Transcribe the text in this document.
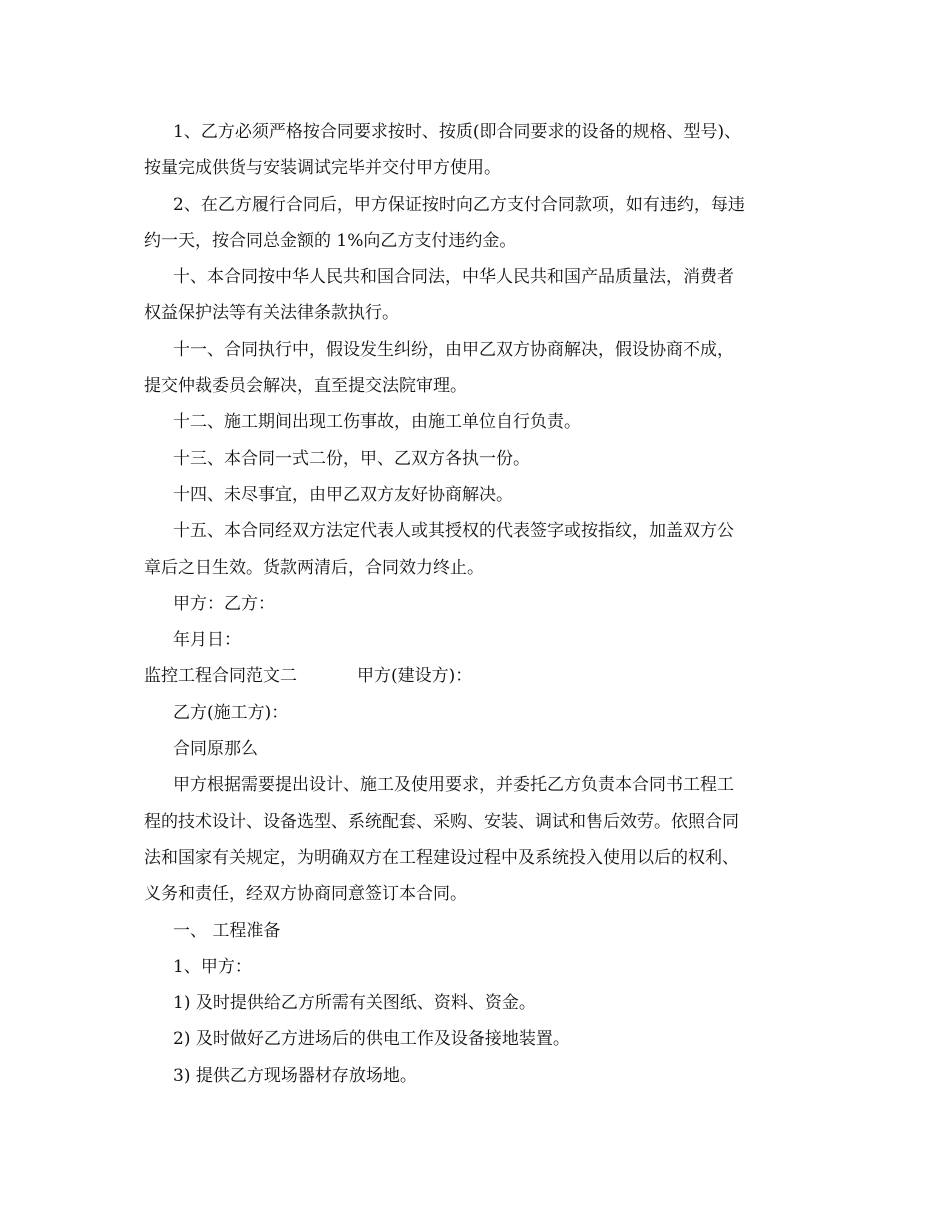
1、乙方必须严格按合同要求按时、按质(即合同要求的设备的规格、型号)、
按量完成供货与安装调试完毕并交付甲方使用。
2、在乙方履行合同后，甲方保证按时向乙方支付合同款项，如有违约，每违
约一天，按合同总金额的 1%向乙方支付违约金。
十、本合同按中华人民共和国合同法，中华人民共和国产品质量法，消费者
权益保护法等有关法律条款执行。
十一、合同执行中，假设发生纠纷，由甲乙双方协商解决，假设协商不成，
提交仲裁委员会解决，直至提交法院审理。
十二、施工期间出现工伤事故，由施工单位自行负责。
十三、本合同一式二份，甲、乙双方各执一份。
十四、未尽事宜，由甲乙双方友好协商解决。
十五、本合同经双方法定代表人或其授权的代表签字或按指纹，加盖双方公
章后之日生效。货款两清后，合同效力终止。
甲方：乙方：
年月日：
监控工程合同范文二	甲方(建设方)：
乙方(施工方)：
合同原那么
甲方根据需要提出设计、施工及使用要求，并委托乙方负责本合同书工程工
程的技术设计、设备选型、系统配套、采购、安装、调试和售后效劳。依照合同
法和国家有关规定，为明确双方在工程建设过程中及系统投入使用以后的权利、
义务和责任，经双方协商同意签订本合同。
一、 工程准备
1、甲方：
1) 及时提供给乙方所需有关图纸、资料、资金。
2) 及时做好乙方进场后的供电工作及设备接地装置。
3) 提供乙方现场器材存放场地。
